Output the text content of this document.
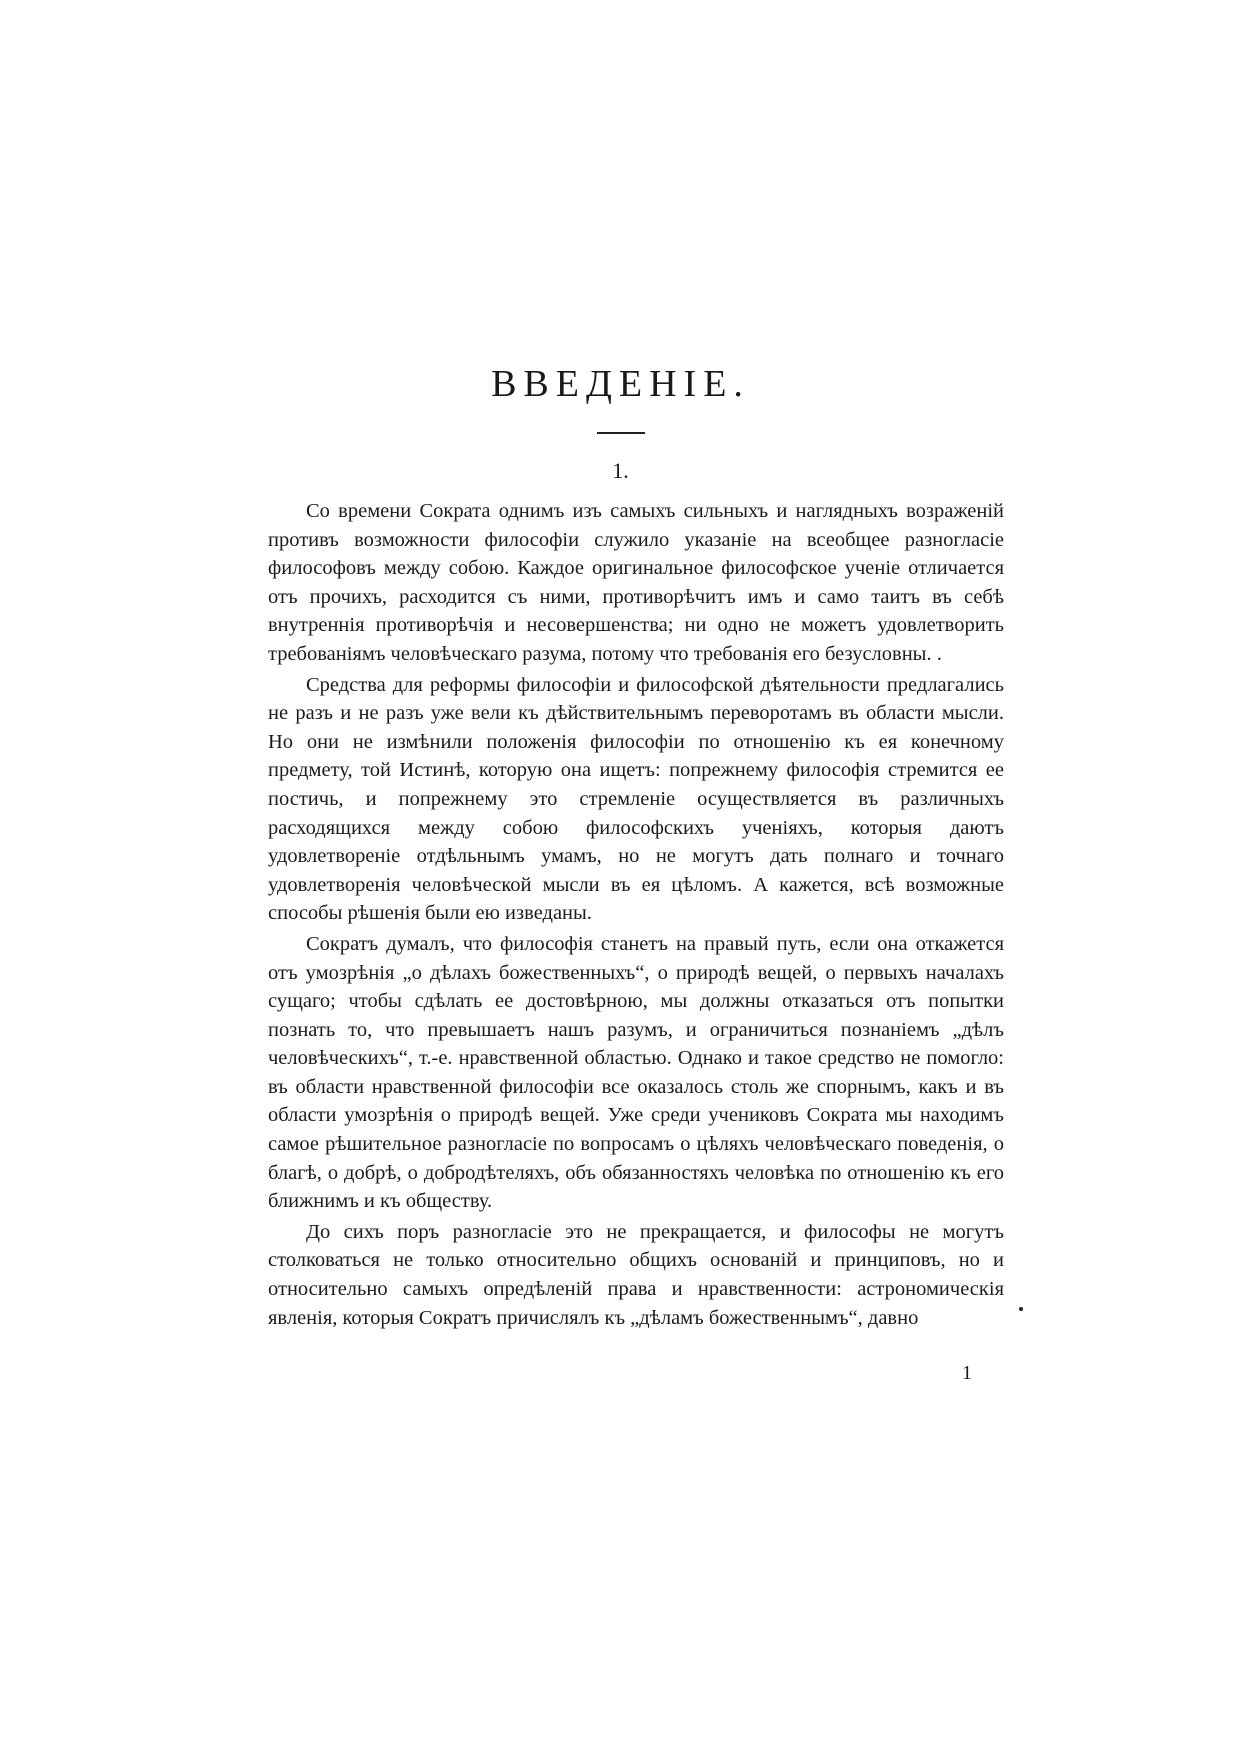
ВВЕДЕНІЕ.
1.

Со времени Сократа однимъ изъ самыхъ сильныхъ и наглядныхъ возраженій противъ возможности философіи служило указаніе на всеобщее разногласіе философовъ между собою. Каждое оригинальное философское ученіе отличается отъ прочихъ, расходится съ ними, противорѣчитъ имъ и само таитъ въ себѣ внутреннія противорѣчія и несовершенства; ни одно не можетъ удовлетворить требованіямъ человѣческаго разума, потому что требованія его безусловны. .

Средства для реформы философіи и философской дѣятельности предлагались не разъ и не разъ уже вели къ дѣйствительнымъ переворотамъ въ области мысли. Но они не измѣнили положенія философіи по отношенію къ ея конечному предмету, той Истинѣ, которую она ищетъ: попрежнему философія стремится ее постичь, и попрежнему это стремленіе осуществляется въ различныхъ расходящихся между собою философскихъ ученіяхъ, которыя даютъ удовлетвореніе отдѣльнымъ умамъ, но не могутъ дать полнаго и точнаго удовлетворенія человѣческой мысли въ ея цѣломъ. А кажется, всѣ возможные способы рѣшенія были ею изведаны.

Сократъ думалъ, что философія станетъ на правый путь, если она откажется отъ умозрѣнія „о дѣлахъ божественныхъ“, о природѣ вещей, о первыхъ началахъ сущаго; чтобы сдѣлать ее достовѣрною, мы должны отказаться отъ попытки познать то, что превышаетъ нашъ разумъ, и ограничиться познаніемъ „дѣлъ человѣческихъ“, т.-е. нравственной областью. Однако и такое средство не помогло: въ области нравственной философіи все оказалось столь же спорнымъ, какъ и въ области умозрѣнія о природѣ вещей. Уже среди учениковъ Сократа мы находимъ самое рѣшительное разногласіе по вопросамъ о цѣляхъ человѣческаго поведенія, о благѣ, о добрѣ, о добродѣтеляхъ, объ обязанностяхъ человѣка по отношенію къ его ближнимъ и къ обществу.

До сихъ поръ разногласіе это не прекращается, и философы не могутъ столковаться не только относительно общихъ основаній и принциповъ, но и относительно самыхъ опредѣленій права и нравственности: астрономическія явленія, которыя Сократъ причислялъ къ „дѣламъ божественнымъ“, давно

1
